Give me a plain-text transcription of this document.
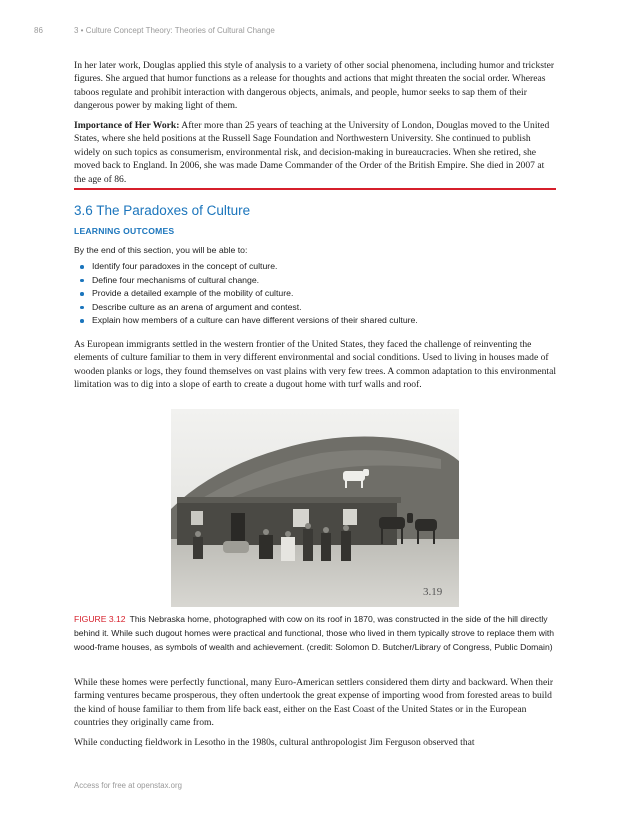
86	3 • Culture Concept Theory: Theories of Cultural Change

In her later work, Douglas applied this style of analysis to a variety of other social phenomena, including humor and trickster figures. She argued that humor functions as a release for thoughts and actions that might threaten the social order. Whereas taboos regulate and prohibit interaction with dangerous objects, animals, and people, humor seeks to sap them of their dangerous power by making light of them.

Importance of Her Work: After more than 25 years of teaching at the University of London, Douglas moved to the United States, where she held positions at the Russell Sage Foundation and Northwestern University. She continued to publish widely on such topics as consumerism, environmental risk, and decision-making in bureaucracies. When she retired, she moved back to England. In 2006, she was made Dame Commander of the Order of the British Empire. She died in 2007 at the age of 86.

3.6 The Paradoxes of Culture
LEARNING OUTCOMES
By the end of this section, you will be able to:
Identify four paradoxes in the concept of culture.
Define four mechanisms of cultural change.
Provide a detailed example of the mobility of culture.
Describe culture as an arena of argument and contest.
Explain how members of a culture can have different versions of their shared culture.

As European immigrants settled in the western frontier of the United States, they faced the challenge of reinventing the elements of culture familiar to them in very different environmental and social conditions. Used to living in houses made of wooden planks or logs, they found themselves on vast plains with very few trees. A common adaptation to this environmental limitation was to dig into a slope of earth to create a dugout home with turf walls and roof.

3.19

FIGURE 3.12 This Nebraska home, photographed with cow on its roof in 1870, was constructed in the side of the hill directly behind it. While such dugout homes were practical and functional, those who lived in them typically strove to replace them with wood-frame houses, as symbols of wealth and achievement. (credit: Solomon D. Butcher/Library of Congress, Public Domain)

While these homes were perfectly functional, many Euro-American settlers considered them dirty and backward. When their farming ventures became prosperous, they often undertook the great expense of importing wood from forested areas to build the kind of house familiar to them from life back east, either on the East Coast of the United States or in the European countries they originally came from.

While conducting fieldwork in Lesotho in the 1980s, cultural anthropologist Jim Ferguson observed that

Access for free at openstax.org
